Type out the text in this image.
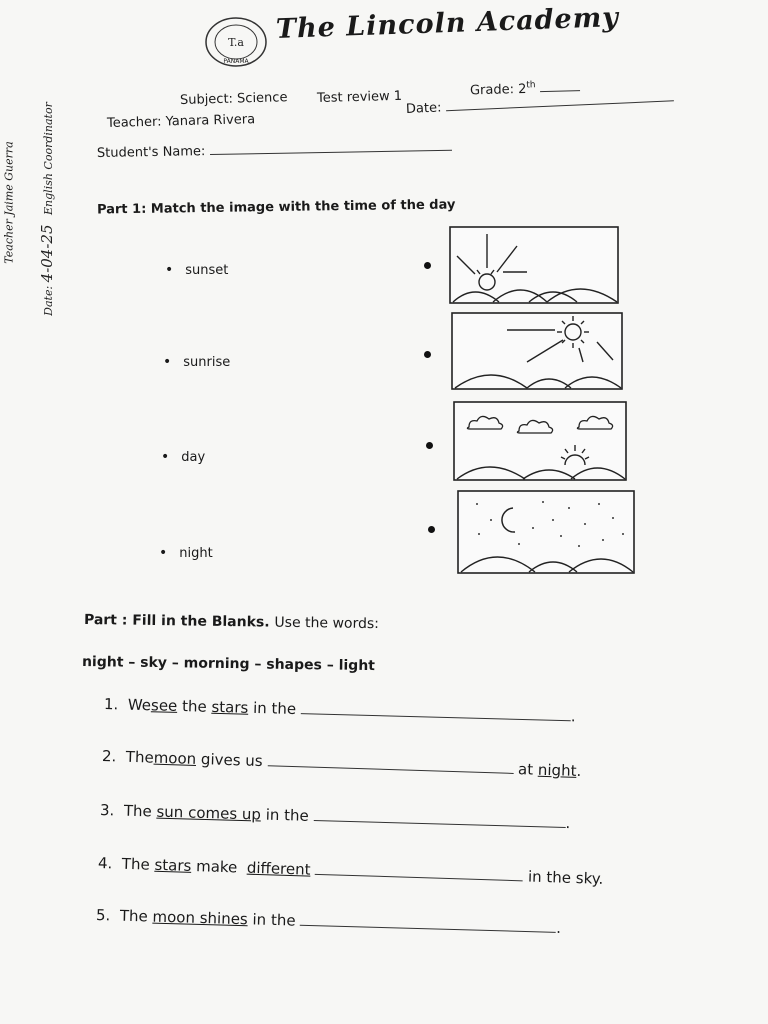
T.a
PANAMA
The Lincoln Academy
Subject: Science Test review 1	Grade: 2th
Teacher: Yanara Rivera
Date:
Student's Name:
Date: 4-04-25 English Coordinator
Teacher Jaime Guerra	Part 1: Match the image with the time of the day
• sunset
• sunrise
• day
• night
Part : Fill in the Blanks. Use the words:
night – sky – morning – shapes – light
1. Wesee the stars in the	.
2. Themoon gives us	at night.
3. The sun comes up in the	.
4. The stars make different	in the sky.
5. The moon shines in the	.
